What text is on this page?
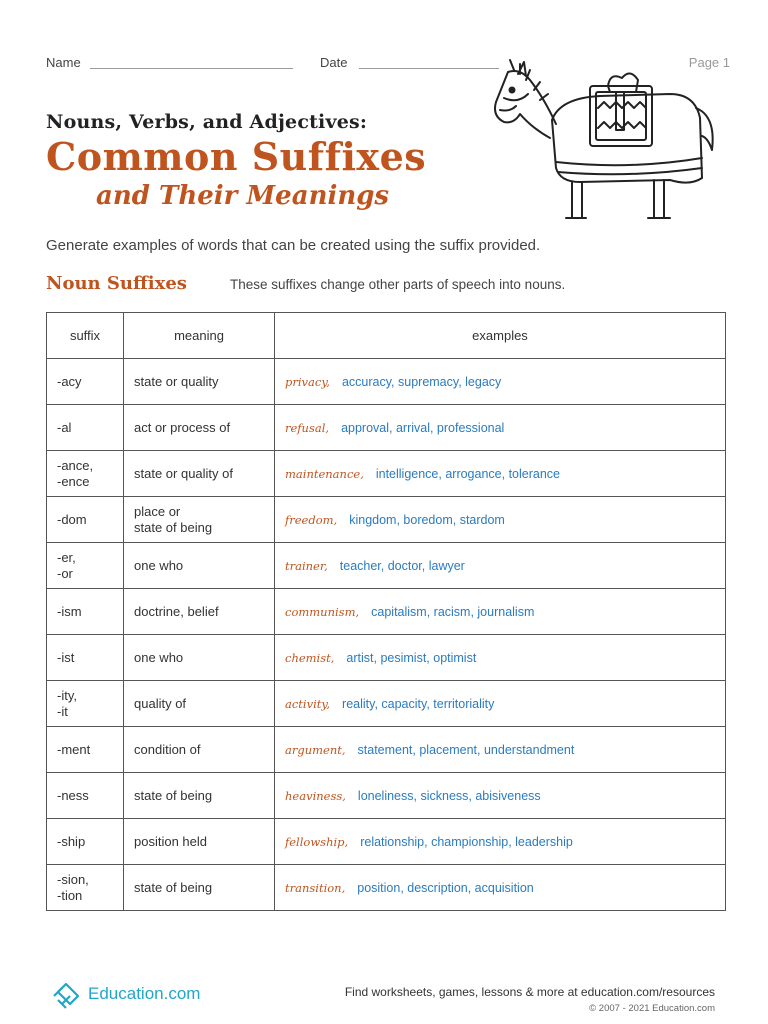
Name	Date	Page 1
Nouns, Verbs, and Adjectives:
Common Suffixes
and Their Meanings
Generate examples of words that can be created using the suffix provided.
Noun Suffixes	These suffixes change other parts of speech into nouns.
suffix	meaning	examples
-acy	state or quality	privacy, accuracy, supremacy, legacy
-al	act or process of	refusal, approval, arrival, professional
-ance,
-ence	state or quality of	maintenance, intelligence, arrogance, tolerance
-dom	place or
state of being	freedom, kingdom, boredom, stardom
-er,
-or	one who	trainer, teacher, doctor, lawyer
-ism	doctrine, belief	communism, capitalism, racism, journalism
-ist	one who	chemist, artist, pesimist, optimist
-ity,
-it	quality of	activity, reality, capacity, territoriality
-ment	condition of	argument, statement, placement, understandment
-ness	state of being	heaviness, loneliness, sickness, abisiveness
-ship	position held	fellowship, relationship, championship, leadership
-sion,
-tion	state of being	transition, position, description, acquisition
Education.com	Find worksheets, games, lessons & more at education.com/resources
© 2007 - 2021 Education.com
